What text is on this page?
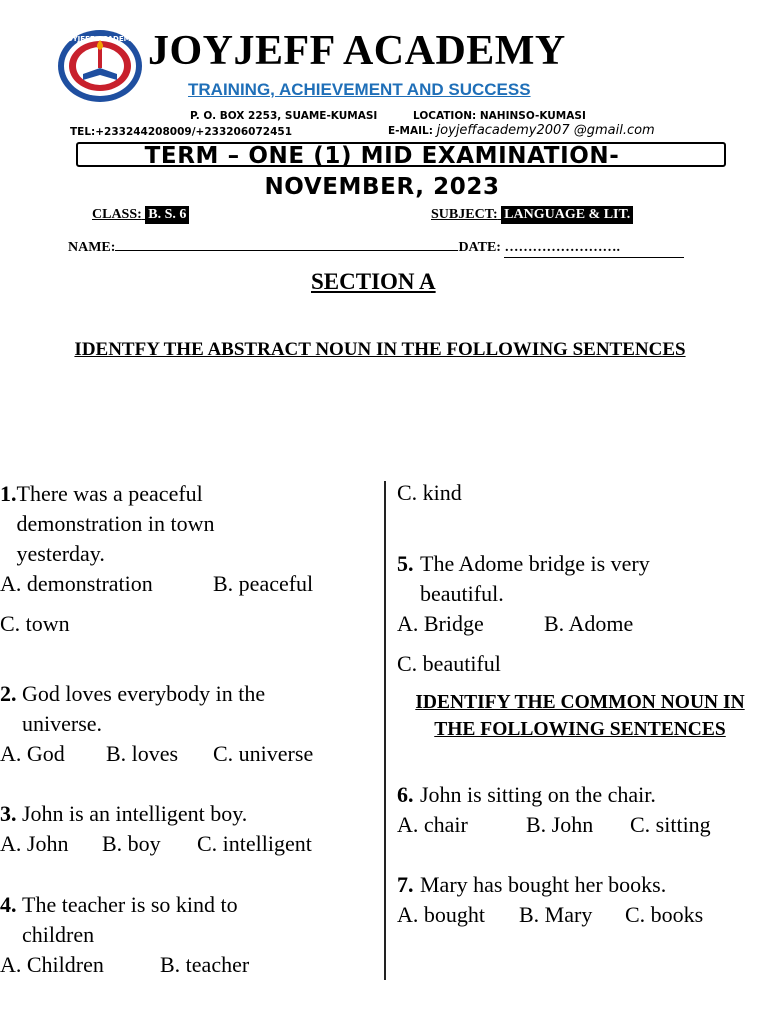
JOYJEFF ACADEMY JOYJEFF ACADEMY
TRAINING, ACHIEVEMENT AND SUCCESS
P. O. BOX 2253, SUAME-KUMASI	LOCATION: NAHINSO-KUMASI
TEL:+233244208009/+233206072451	E-MAIL: joyjeffacademy2007 @gmail.com
TERM – ONE (1) MID EXAMINATION-
NOVEMBER, 2023
CLASS: B. S. 6	SUBJECT: LANGUAGE & LIT.
NAME:	DATE: …………………….
SECTION A
IDENTFY THE ABSTRACT NOUN IN THE FOLLOWING SENTENCES
1. There was a peaceful demonstration in town yesterday.
A. demonstration	B. peaceful
C. town
2. God loves everybody in the universe.
A. God B. loves C. universe
3. John is an intelligent boy.
A. John B. boy C. intelligent
4. The teacher is so kind to children
A. Children	B. teacher
C. kind
5. The Adome bridge is very beautiful.
A. Bridge	B. Adome
C. beautiful
IDENTIFY THE COMMON NOUN IN THE FOLLOWING SENTENCES
6. John is sitting on the chair.
A. chair	B. John C. sitting
7. Mary has bought her books.
A. bought B. Mary C. books
